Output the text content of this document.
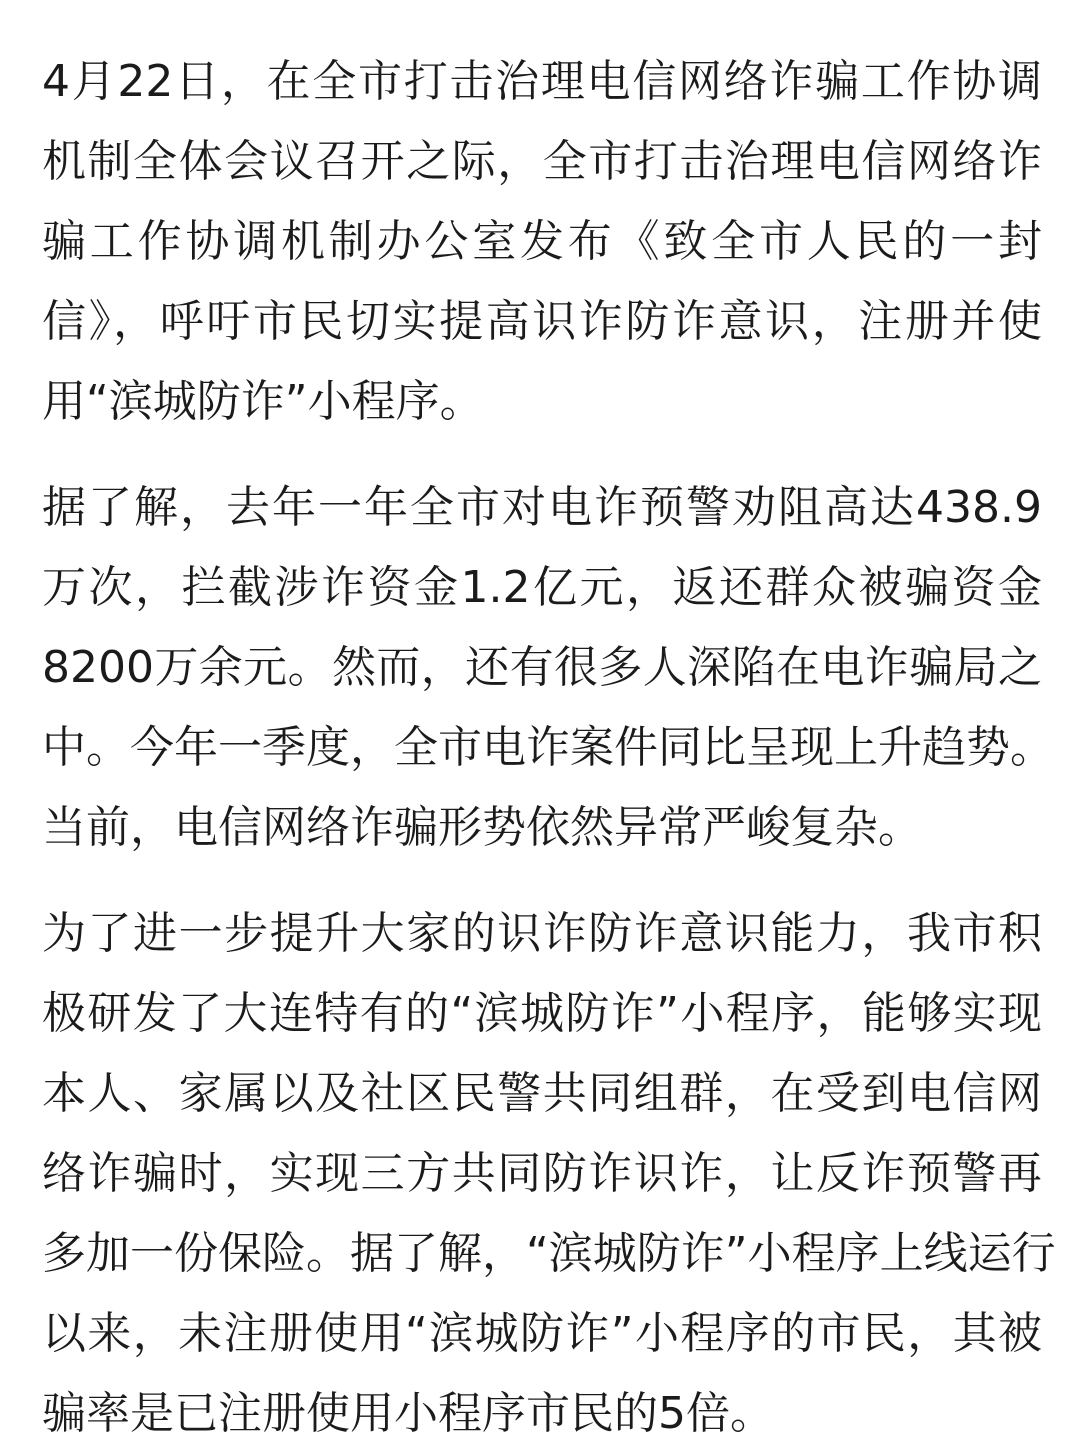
4月22日，在全市打击治理电信网络诈骗工作协调
机制全体会议召开之际，全市打击治理电信网络诈
骗工作协调机制办公室发布《致全市人民的一封
信》，呼吁市民切实提高识诈防诈意识，注册并使
用“滨城防诈”小程序。
据了解，去年一年全市对电诈预警劝阻高达438.9
万次，拦截涉诈资金1.2亿元，返还群众被骗资金
8200万余元。然而，还有很多人深陷在电诈骗局之
中。今年一季度，全市电诈案件同比呈现上升趋势。
当前，电信网络诈骗形势依然异常严峻复杂。
为了进一步提升大家的识诈防诈意识能力，我市积
极研发了大连特有的“滨城防诈”小程序，能够实现
本人、家属以及社区民警共同组群，在受到电信网
络诈骗时，实现三方共同防诈识诈，让反诈预警再
多加一份保险。据了解，“滨城防诈”小程序上线运行
以来，未注册使用“滨城防诈”小程序的市民，其被
骗率是已注册使用小程序市民的5倍。
